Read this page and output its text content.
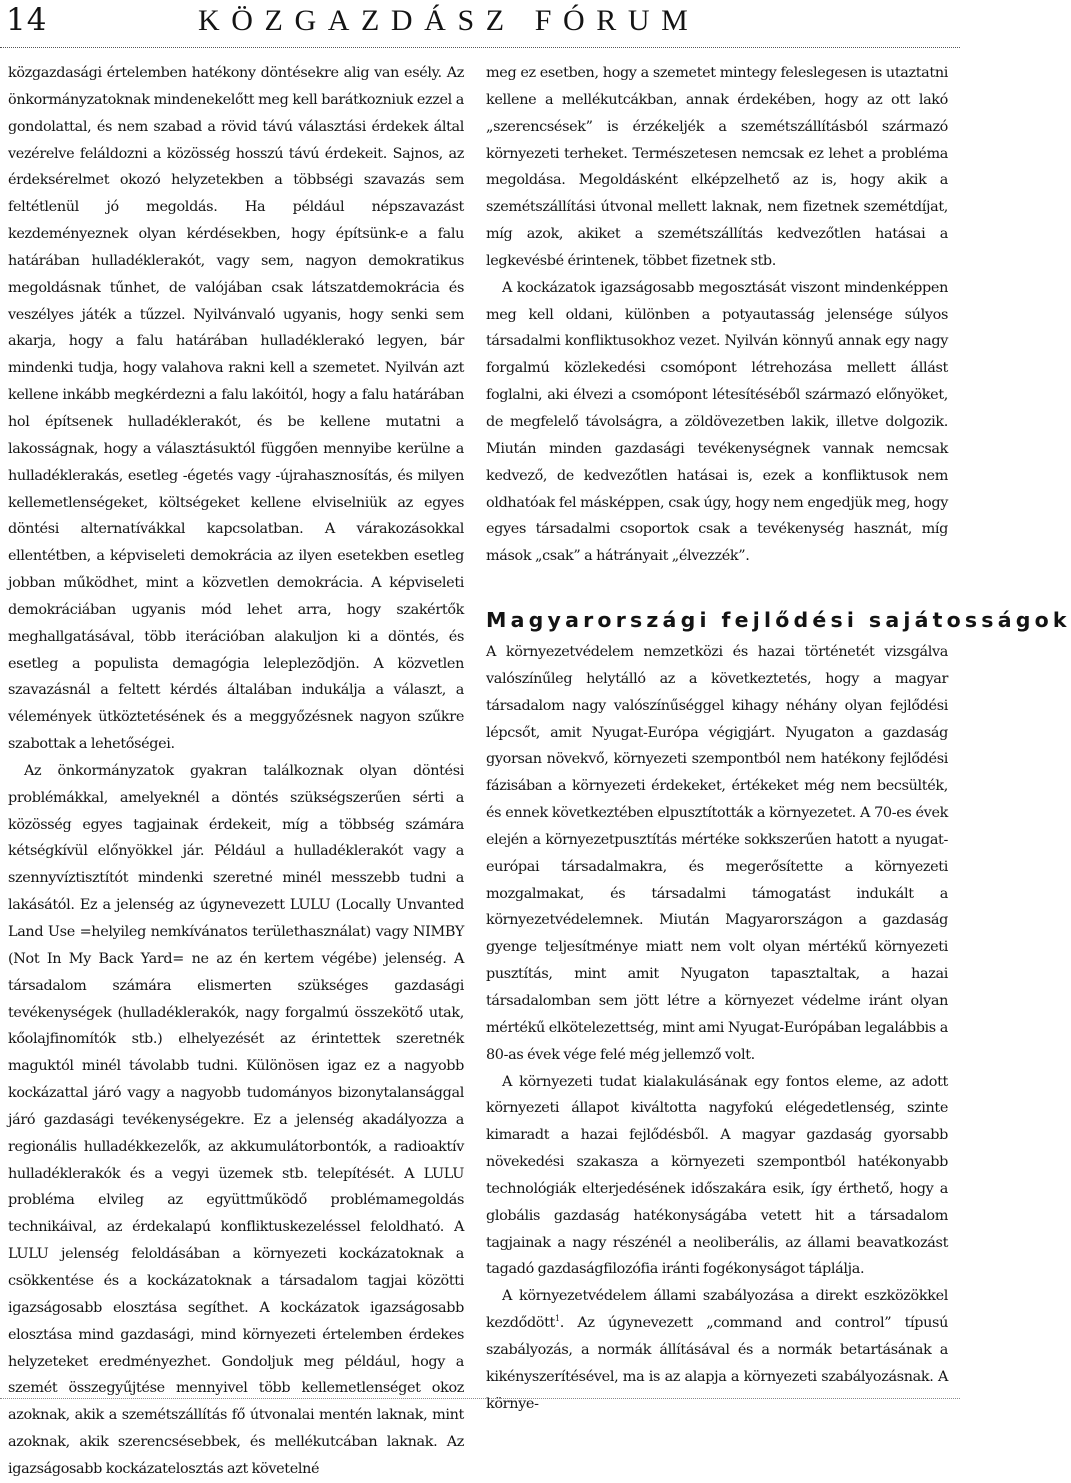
14	KÖZGAZDÁSZ FÓRUM

közgazdasági értelemben hatékony döntésekre alig van esély. Az önkormányzatoknak mindenekelőtt meg kell barátkozniuk ezzel a gondolattal, és nem szabad a rövid távú választási érdekek által vezérelve feláldozni a közösség hosszú távú érdekeit. Sajnos, az érdeksérelmet okozó helyzetekben a többségi szavazás sem feltétlenül jó megoldás. Ha például népszavazást kezdeményeznek olyan kérdésekben, hogy építsünk-e a falu határában hulladéklerakót, vagy sem, nagyon demokratikus megoldásnak tűnhet, de valójában csak látszatdemokrácia és veszélyes játék a tűzzel. Nyilvánvaló ugyanis, hogy senki sem akarja, hogy a falu határában hulladéklerakó legyen, bár mindenki tudja, hogy valahova rakni kell a szemetet. Nyilván azt kellene inkább megkérdezni a falu lakóitól, hogy a falu határában hol építsenek hulladéklerakót, és be kellene mutatni a lakosságnak, hogy a választásuktól függően mennyibe kerülne a hulladéklerakás, esetleg -égetés vagy -újrahasznosítás, és milyen kellemetlenségeket, költségeket kellene elviselniük az egyes döntési alternatívákkal kapcsolatban. A várakozásokkal ellentétben, a képviseleti demokrácia az ilyen esetekben esetleg jobban működhet, mint a közvetlen demokrácia. A képviseleti demokráciában ugyanis mód lehet arra, hogy szakértők meghallgatásával, több iterációban alakuljon ki a döntés, és esetleg a populista demagógia leleplezõdjön. A közvetlen szavazásnál a feltett kérdés általában indukálja a választ, a vélemények ütköztetésének és a meggyőzésnek nagyon szűkre szabottak a lehetőségei.

Az önkormányzatok gyakran találkoznak olyan döntési problémákkal, amelyeknél a döntés szükségszerűen sérti a közösség egyes tagjainak érdekeit, míg a többség számára kétségkívül előnyökkel jár. Például a hulladéklerakót vagy a szennyvíztisztítót mindenki szeretné minél messzebb tudni a lakásától. Ez a jelenség az úgynevezett LULU (Locally Unvanted Land Use =helyileg nemkívánatos területhasználat) vagy NIMBY (Not In My Back Yard= ne az én kertem végébe) jelenség. A társadalom számára elismerten szükséges gazdasági tevékenységek (hulladéklerakók, nagy forgalmú összekötő utak, kőolajfinomítók stb.) elhelyezését az érintettek szeretnék maguktól minél távolabb tudni. Különösen igaz ez a nagyobb kockázattal járó vagy a nagyobb tudományos bizonytalansággal járó gazdasági tevékenységekre. Ez a jelenség akadályozza a regionális hulladékkezelők, az akkumulátorbontók, a radioaktív hulladéklerakók és a vegyi üzemek stb. telepítését. A LULU probléma elvileg az együttműködő problémamegoldás technikáival, az érdekalapú konfliktuskezeléssel feloldható. A LULU jelenség feloldásában a környezeti kockázatoknak a csökkentése és a kockázatoknak a társadalom tagjai közötti igazságosabb elosztása segíthet. A kockázatok igazságosabb elosztása mind gazdasági, mind környezeti értelemben érdekes helyzeteket eredményezhet. Gondoljuk meg például, hogy a szemét összegyűjtése mennyivel több kellemetlenséget okoz azoknak, akik a szemétszállítás fő útvonalai mentén laknak, mint azoknak, akik szerencsésebbek, és mellékutcában laknak. Az igazságosabb kockázatelosztás azt követelné

meg ez esetben, hogy a szemetet mintegy feleslegesen is utaztatni kellene a mellékutcákban, annak érdekében, hogy az ott lakó „szerencsések” is érzékeljék a szemétszállításból származó környezeti terheket. Természetesen nemcsak ez lehet a probléma megoldása. Megoldásként elképzelhető az is, hogy akik a szemétszállítási útvonal mellett laknak, nem fizetnek szemétdíjat, míg azok, akiket a szemétszállítás kedvezőtlen hatásai a legkevésbé érintenek, többet fizetnek stb.

A kockázatok igazságosabb megosztását viszont mindenképpen meg kell oldani, különben a potyautasság jelensége súlyos társadalmi konfliktusokhoz vezet. Nyilván könnyű annak egy nagy forgalmú közlekedési csomópont létrehozása mellett állást foglalni, aki élvezi a csomópont létesítéséből származó előnyöket, de megfelelő távolságra, a zöldövezetben lakik, illetve dolgozik. Miután minden gazdasági tevékenységnek vannak nemcsak kedvező, de kedvezőtlen hatásai is, ezek a konfliktusok nem oldhatóak fel másképpen, csak úgy, hogy nem engedjük meg, hogy egyes társadalmi csoportok csak a tevékenység hasznát, míg mások „csak” a hátrányait „élvezzék”.

Magyarországi fejlődési sajátosságok

A környezetvédelem nemzetközi és hazai történetét vizsgálva valószínűleg helytálló az a következtetés, hogy a magyar társadalom nagy valószínűséggel kihagy néhány olyan fejlődési lépcsőt, amit Nyugat-Európa végigjárt. Nyugaton a gazdaság gyorsan növekvő, környezeti szempontból nem hatékony fejlődési fázisában a környezeti érdekeket, értékeket még nem becsülték, és ennek következtében elpusztították a környezetet. A 70-es évek elején a környezetpusztítás mértéke sokkszerűen hatott a nyugat-európai társadalmakra, és megerősítette a környezeti mozgalmakat, és társadalmi támogatást indukált a környezetvédelemnek. Miután Magyarországon a gazdaság gyenge teljesítménye miatt nem volt olyan mértékű környezeti pusztítás, mint amit Nyugaton tapasztaltak, a hazai társadalomban sem jött létre a környezet védelme iránt olyan mértékű elkötelezettség, mint ami Nyugat-Európában legalábbis a 80-as évek vége felé még jellemző volt.

A környezeti tudat kialakulásának egy fontos eleme, az adott környezeti állapot kiváltotta nagyfokú elégedetlenség, szinte kimaradt a hazai fejlődésből. A magyar gazdaság gyorsabb növekedési szakasza a környezeti szempontból hatékonyabb technológiák elterjedésének időszakára esik, így érthető, hogy a globális gazdaság hatékonyságába vetett hit a társadalom tagjainak a nagy részénél a neoliberális, az állami beavatkozást tagadó gazdaságfilozófia iránti fogékonyságot táplálja.

A környezetvédelem állami szabályozása a direkt eszközökkel kezdődött$^1$. Az úgynevezett „command and control” típusú szabályozás, a normák állításával és a normák betartásának a kikényszerítésével, ma is az alapja a környezeti szabályozásnak. A környe-
